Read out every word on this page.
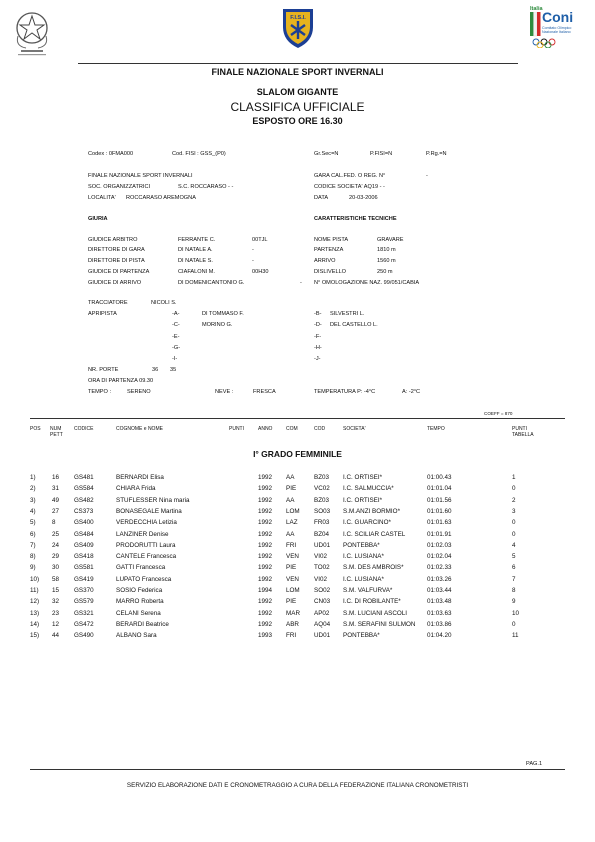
F.I.S.I.
Italia Coni
Comitato Olimpico
Nazionale Italiano
FINALE NAZIONALE SPORT INVERNALI
SLALOM GIGANTE
CLASSIFICA UFFICIALE
ESPOSTO ORE 16.30
Codex : 0FMA000	Cod. FISI : GSS_(P0)	Gr.Sec=N	P.FISI=N	P.Rg.=N
FINALE NAZIONALE SPORT INVERNALI
SOC. ORGANIZZATRICI	S.C. ROCCARASO - -
LOCALITA' ROCCARASO AREMOGNA
GARA CAL.FED. O REG. N°	-
CODICE SOCIETA' AQ19 - -
DATA	20-03-2006
GIURIA	CARATTERISTICHE TECNICHE
GIUDICE ARBITRO	FERRANTE C.	00TJL
DIRETTORE DI GARA	DI NATALE A.	-
DIRETTORE DI PISTA	DI NATALE S.	-
GIUDICE DI PARTENZA	CIAFALONI M.	00H30
GIUDICE DI ARRIVO	DI DOMENICANTONIO G.	-
NOME PISTA	GRAVARE
PARTENZA	1810 m
ARRIVO	1560 m
DISLIVELLO	250 m
N° OMOLOGAZIONE NAZ. 99/051/CABIA
TRACCIATORE	NICOLI S.
APRIPISTA	-A-	DI TOMMASO F.	-B- SILVESTRI L.
-C-	MORINO G.	-D- DEL CASTELLO L.
-E-	-F-
-G-	-H-
-I-	-J-
NR. PORTE	36 35
ORA DI PARTENZA 09.30
TEMPO :	SERENO	NEVE :	FRESCA	TEMPERATURA P: -4°C	A: -2°C
COEFF = 870
POS NUM PETT
CODICE	COGNOME e NOME	PUNTI	ANNO	COM	COD	SOCIETA'	TEMPO	PUNTI TABELLA
I° GRADO FEMMINILE
1)	16 GS481	BERNARDI Elisa	1992 AA	BZ03 I.C. ORTISEI*	01:00.43	1
2)	31 GS584	CHIARA Frida	1992 PIE	VC02 I.C. SALMUCCIA*	01:01.04	0
3)	49 GS482	STUFLESSER Nina maria	1992 AA	BZ03 I.C. ORTISEI*	01:01.56	2
4)	27 CS373	BONASEGALE Martina	1992 LOM SO03 S.M.ANZI BORMIO*	01:01.60	3
5)	8	GS400	VERDECCHIA Letizia	1992 LAZ	FR03 I.C. GUARCINO*	01:01.63	0
6)	25 GS484	LANZINER Denise	1992 AA	BZ04 I.C. SCILIAR CASTEL	01:01.91	0
7)	24 GS409	PRODORUTTI Laura	1992 FRI	UD01 PONTEBBA*	01:02.03	4
8)	29 GS418	CANTELE Francesca	1992 VEN VI02	I.C. LUSIANA*	01:02.04	5
9)	30 GS581	GATTI Francesca	1992 PIE	TO02 S.M. DES AMBROIS*	01:02.33	6
10) 58 GS419	LUPATO Francesca	1992 VEN VI02	I.C. LUSIANA*	01:03.26	7
11) 15 GS370	SOSIO Federica	1994 LOM SO02 S.M. VALFURVA*	01:03.44	8
12) 32 GS579	MARRO Roberta	1992 PIE	CN03 I.C. DI ROBILANTE*	01:03.48	9
13) 23 GS321	CELANI Serena	1992 MAR AP02 S.M. LUCIANI ASCOLI	01:03.63	10
14) 12 GS472	BERARDI Beatrice	1992 ABR AQ04 S.M. SERAFINI SULMON 01:03.86	0
15) 44 GS490	ALBANO Sara	1993 FRI	UD01 PONTEBBA*	01:04.20	11
PAG.1
SERVIZIO ELABORAZIONE DATI E CRONOMETRAGGIO A CURA DELLA FEDERAZIONE ITALIANA CRONOMETRISTI
